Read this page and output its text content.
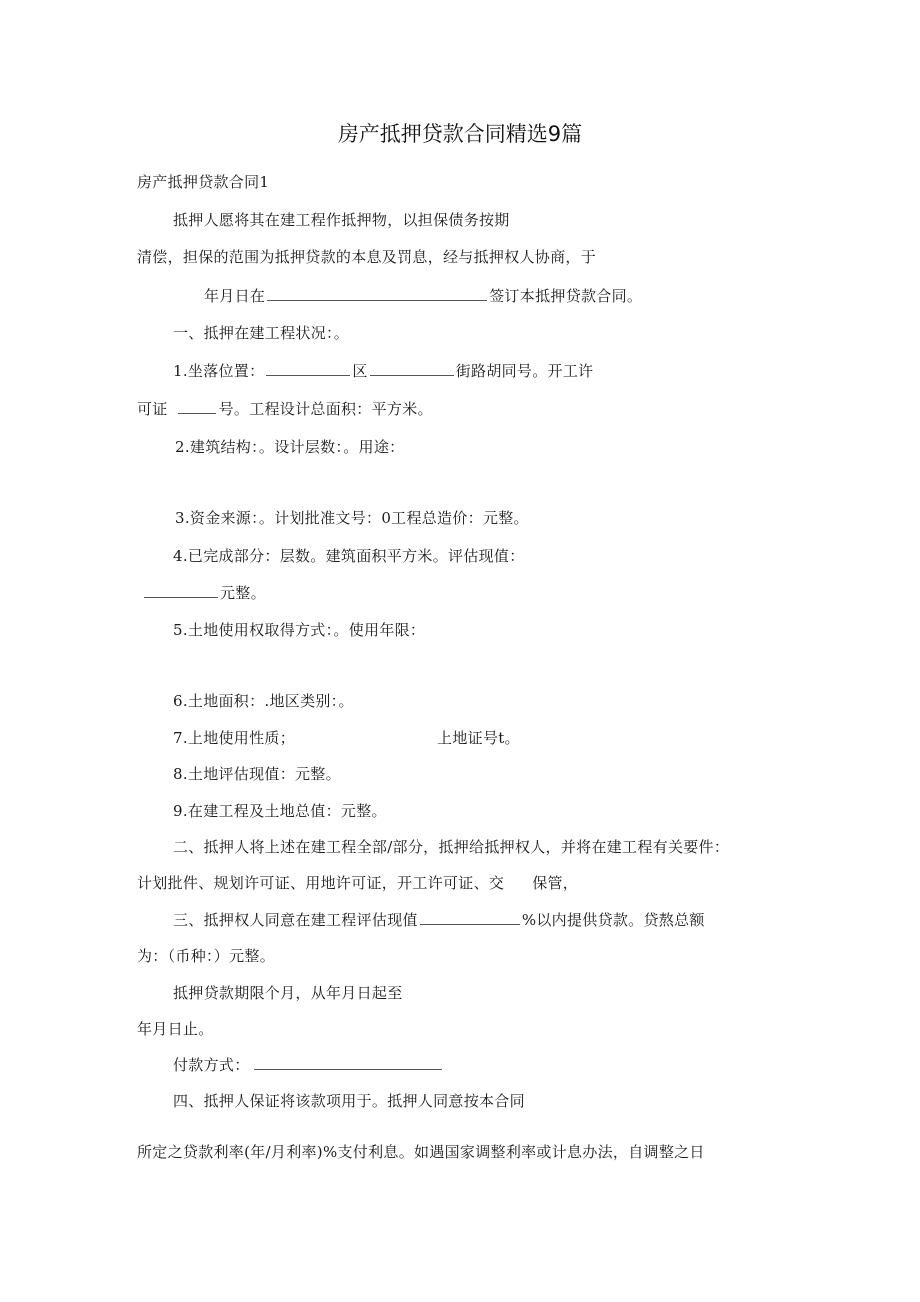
房产抵押贷款合同精选9篇
房产抵押贷款合同1
抵押人愿将其在建工程作抵押物，以担保债务按期
清偿，担保的范围为抵押贷款的本息及罚息，经与抵押权人协商，于
年月日在	签订本抵押贷款合同。
一、抵押在建工程状况：。
1.坐落位置：	区	街路胡同号。开工许
可证	号。工程设计总面积：平方米。
2.建筑结构：。设计层数：。用途：
3.资金来源：。计划批准文号：0工程总造价：元整。
4.已完成部分：层数。建筑面积平方米。评估现值：
元整。
5.土地使用权取得方式：。使用年限：
6.土地面积：.地区类别：。
7.上地使用性质；	上地证号t。
8.土地评估现值：元整。
9.在建工程及土地总值：元整。
二、抵押人将上述在建工程全部/部分，抵押给抵押权人，并将在建工程有关要件：
计划批件、规划许可证、用地许可证，开工许可证、交 保管，
三、抵押权人同意在建工程评估现值	%以内提供贷款。贷熬总额
为：（币种：）元整。
抵押贷款期限个月，从年月日起至
年月日止。
付款方式：
四、抵押人保证将该款项用于。抵押人同意按本合同
所定之贷款利率(年/月利率)%支付利息。如遇国家调整利率或计息办法，自调整之日
